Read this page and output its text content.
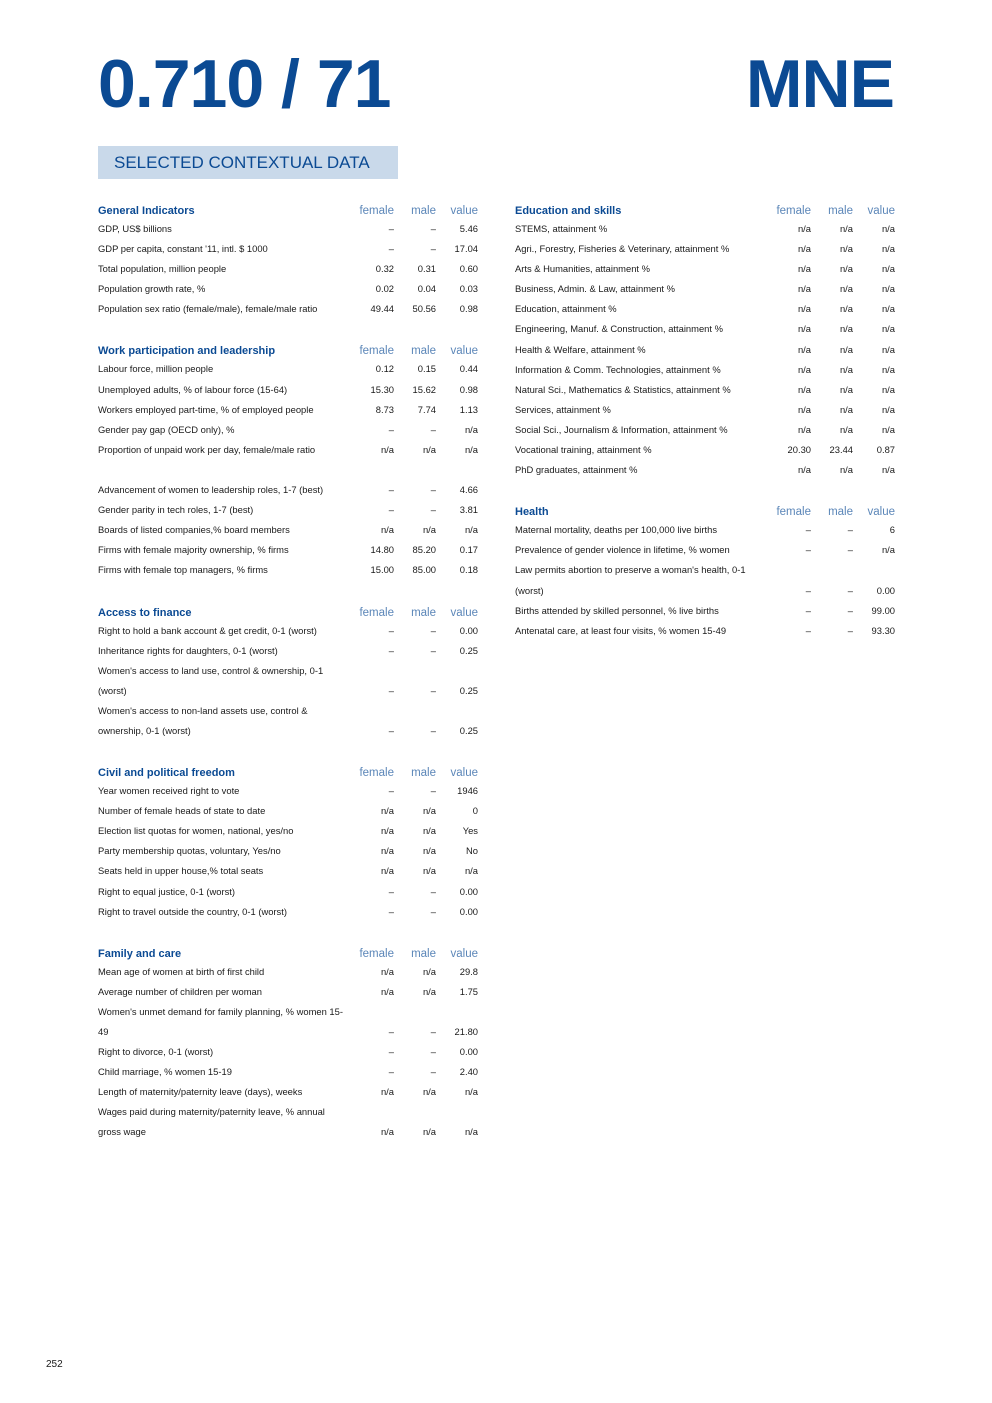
0.710 / 71	MNE
SELECTED CONTEXTUAL DATA
General Indicators	female	male	value
GDP, US$ billions	–	–	5.46
GDP per capita, constant '11, intl. $ 1000	–	–	17.04
Total population, million people	0.32	0.31	0.60
Population growth rate, %	0.02	0.04	0.03
Population sex ratio (female/male), female/male ratio	49.44	50.56	0.98
Work participation and leadership	female	male	value
Labour force, million people	0.12	0.15	0.44
Unemployed adults, % of labour force (15-64)	15.30	15.62	0.98
Workers employed part-time, % of employed people	8.73	7.74	1.13
Gender pay gap (OECD only), %	–	–	n/a
Proportion of unpaid work per day, female/male ratio	n/a	n/a	n/a
Advancement of women to leadership roles, 1-7 (best)	–	–	4.66
Gender parity in tech roles, 1-7 (best)	–	–	3.81
Boards of listed companies,% board members	n/a	n/a	n/a
Firms with female majority ownership, % firms	14.80	85.20	0.17
Firms with female top managers, % firms	15.00	85.00	0.18
Access to finance	female	male	value
Right to hold a bank account & get credit, 0-1 (worst)	–	–	0.00
Inheritance rights for daughters, 0-1 (worst)	–	–	0.25
Women's access to land use, control & ownership, 0-1 (worst)	–	–	0.25
Women's access to non-land assets use, control & ownership, 0-1 (worst)	–	–	0.25
Civil and political freedom	female	male	value
Year women received right to vote	–	–	1946
Number of female heads of state to date	n/a	n/a	0
Election list quotas for women, national, yes/no	n/a	n/a	Yes
Party membership quotas, voluntary, Yes/no	n/a	n/a	No
Seats held in upper house,% total seats	n/a	n/a	n/a
Right to equal justice, 0-1 (worst)	–	–	0.00
Right to travel outside the country, 0-1 (worst)	–	–	0.00
Family and care	female	male	value
Mean age of women at birth of first child	n/a	n/a	29.8
Average number of children per woman	n/a	n/a	1.75
Women's unmet demand for family planning, % women 15-49	–	–	21.80
Right to divorce, 0-1 (worst)	–	–	0.00
Child marriage, % women 15-19	–	–	2.40
Length of maternity/paternity leave (days), weeks	n/a	n/a	n/a
Wages paid during maternity/paternity leave, % annual gross wage	n/a	n/a	n/a
Education and skills	female	male	value
STEMS, attainment %	n/a	n/a	n/a
Agri., Forestry, Fisheries & Veterinary, attainment %	n/a	n/a	n/a
Arts & Humanities, attainment %	n/a	n/a	n/a
Business, Admin. & Law, attainment %	n/a	n/a	n/a
Education, attainment %	n/a	n/a	n/a
Engineering, Manuf. & Construction, attainment %	n/a	n/a	n/a
Health & Welfare, attainment %	n/a	n/a	n/a
Information & Comm. Technologies, attainment %	n/a	n/a	n/a
Natural Sci., Mathematics & Statistics, attainment %	n/a	n/a	n/a
Services, attainment %	n/a	n/a	n/a
Social Sci., Journalism & Information, attainment %	n/a	n/a	n/a
Vocational training, attainment %	20.30	23.44	0.87
PhD graduates, attainment %	n/a	n/a	n/a
Health	female	male	value
Maternal mortality, deaths per 100,000 live births	–	–	6
Prevalence of gender violence in lifetime, % women	–	–	n/a
Law permits abortion to preserve a woman's health, 0-1 (worst)	–	–	0.00
Births attended by skilled personnel, % live births	–	–	99.00
Antenatal care, at least four visits, % women 15-49	–	–	93.30
252
